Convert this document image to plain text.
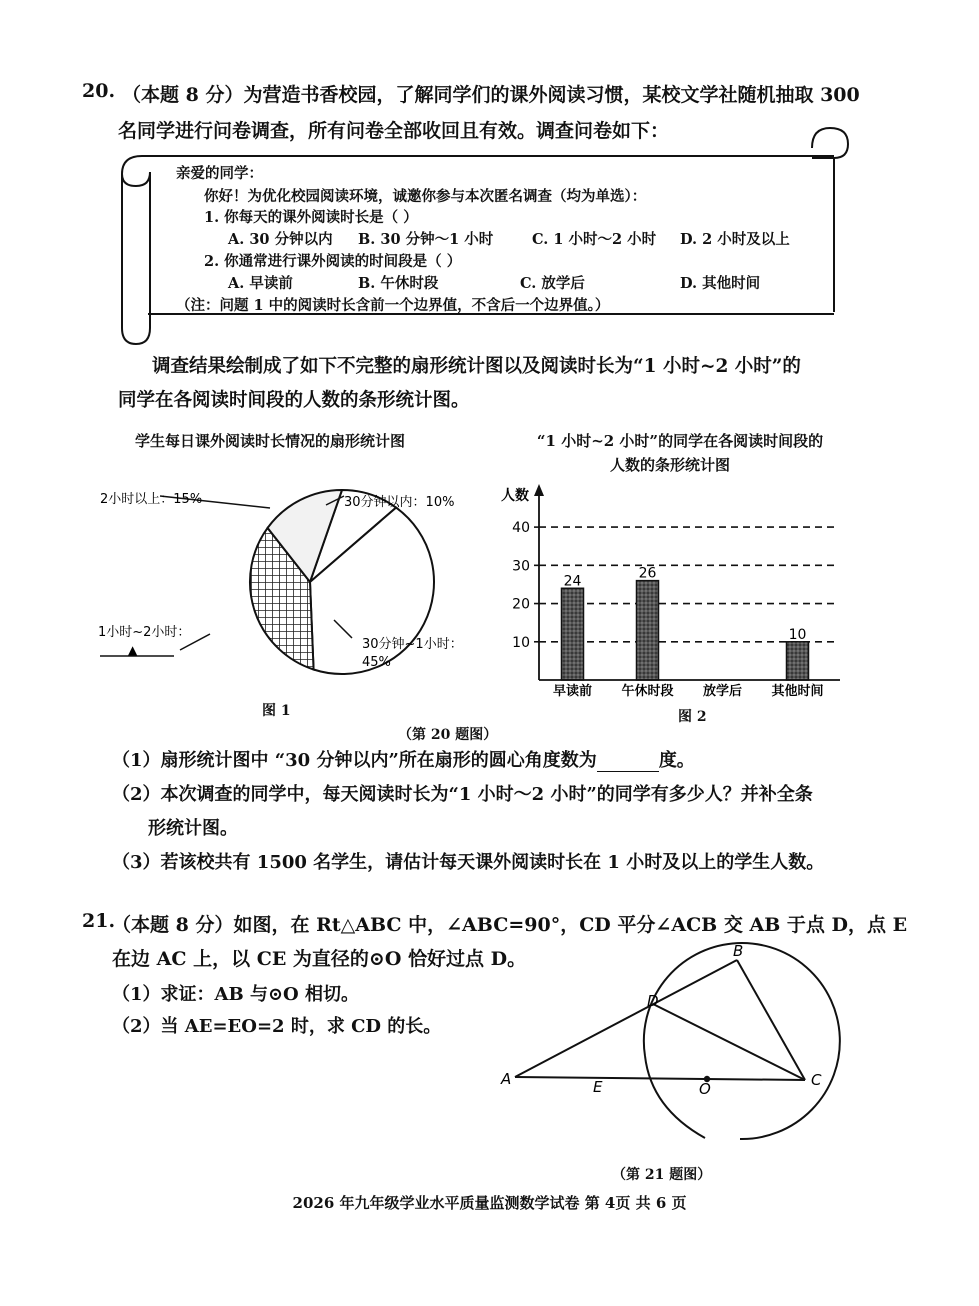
20. （本题 8 分）为营造书香校园，了解同学们的课外阅读习惯，某校文学社随机抽取 300
名同学进行问卷调查，所有问卷全部收回且有效。调查问卷如下：
亲爱的同学：
你好！为优化校园阅读环境，诚邀你参与本次匿名调查（均为单选）：
1. 你每天的课外阅读时长是（ ）
A. 30 分钟以内 B. 30 分钟～1 小时	C. 1 小时～2 小时 D. 2 小时及以上
2. 你通常进行课外阅读的时间段是（ ）
A. 早读前	B. 午休时段	C. 放学后	D. 其他时间
（注：问题 1 中的阅读时长含前一个边界值，不含后一个边界值。）
调查结果绘制成了如下不完整的扇形统计图以及阅读时长为“1 小时~2 小时”的
同学在各阅读时间段的人数的条形统计图。
学生每日课外阅读时长情况的扇形统计图
2小时以上：15%	30分钟以内：10%
1小时~2小时：
▲	30分钟~1小时：
45%
图 1
“1 小时~2 小时”的同学在各阅读时间段的
人数的条形统计图
人数
10
20
30
40
24
早读前
26
午休时段 放学后
10
其他时间
图 2
（第 20 题图）
（1）扇形统计图中 “30 分钟以内”所在扇形的圆心角度数为	度。
（2）本次调查的同学中，每天阅读时长为“1 小时～2 小时”的同学有多少人？并补全条
形统计图。
（3）若该校共有 1500 名学生，请估计每天课外阅读时长在 1 小时及以上的学生人数。
21.
（本题 8 分）如图，在 Rt△ABC 中，∠ABC=90°，CD 平分∠ACB 交 AB 于点 D，点 E
在边 AC 上，以 CE 为直径的⊙O 恰好过点 D。
（1）求证：AB 与⊙O 相切。
（2）当 AE=EO=2 时，求 CD 的长。
A
B
C
D
E	O
（第 21 题图）
2026 年九年级学业水平质量监测数学试卷 第 4页 共 6 页
